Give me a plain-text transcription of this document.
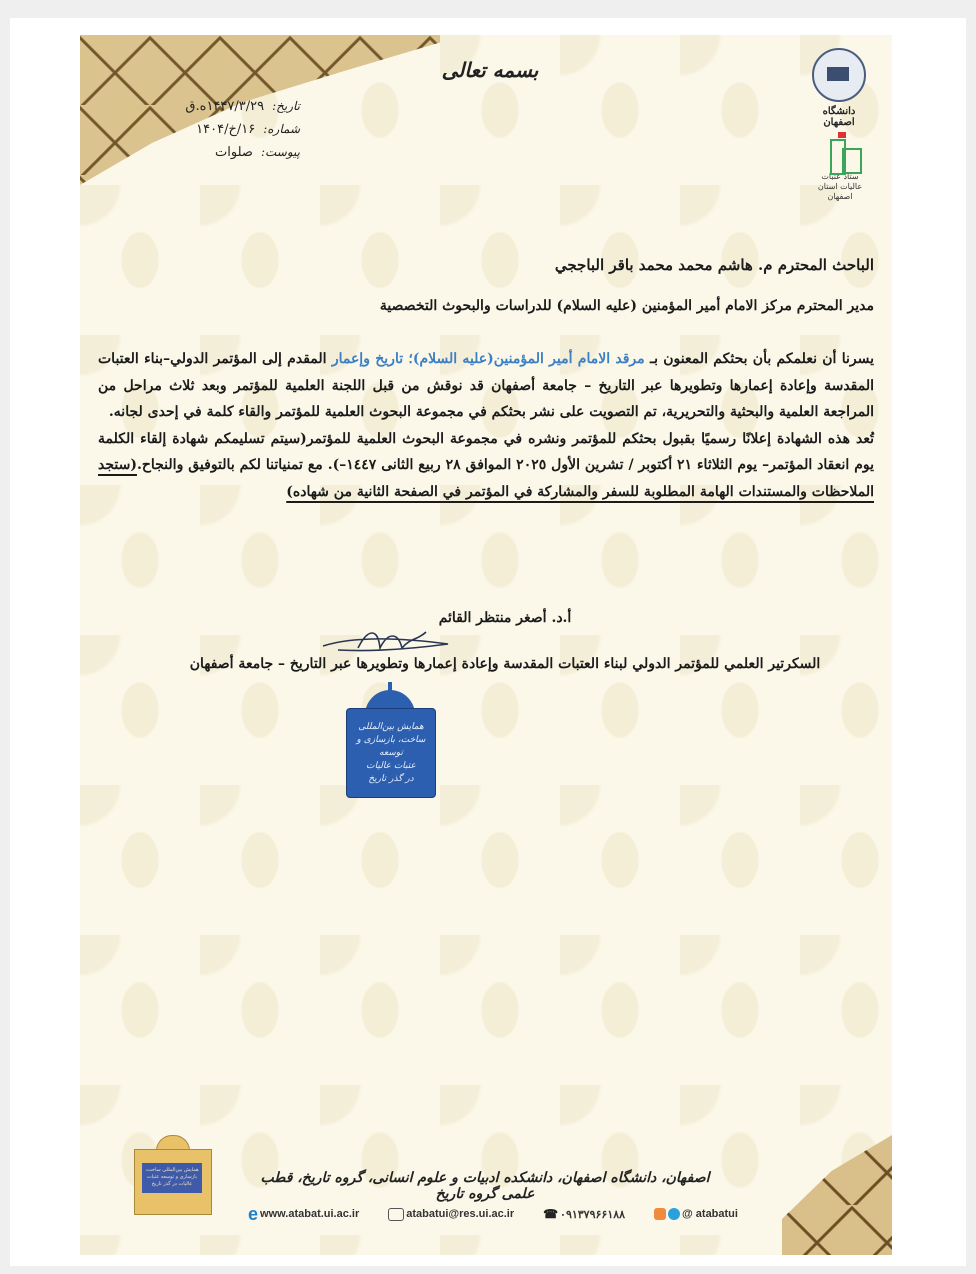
بسمه تعالی
تاریخ:
۱۴۴۷/۳/۲۹ه.ق
شماره:
۱۶/خ/۱۴۰۴
پیوست:
صلوات
دانشگاه اصفهان
ستاد عتبات عالیات استان اصفهان
الباحث المحترم م. هاشم محمد محمد باقر الباججي
مدير المحترم مركز الامام أمير المؤمنين (عليه السلام) للدراسات والبحوث التخصصية
يسرنا أن نعلمكم بأن بحثكم المعنون بـ مرقد الامام أمير المؤمنين(عليه السلام)؛ تاريخ وإعمار المقدم إلى المؤتمر الدولي–بناء العتبات المقدسة وإعادة إعمارها وتطويرها عبر التاريخ – جامعة أصفهان قد نوقش من قبل اللجنة العلمية للمؤتمر وبعد ثلاث مراحل من المراجعة العلمية والبحثية والتحريرية، تم التصويت على نشر بحثكم في مجموعة البحوث العلمية للمؤتمر والقاء كلمة في إحدى لجانه.
تُعد هذه الشهادة إعلانًا رسميًا بقبول بحثكم للمؤتمر ونشره في مجموعة البحوث العلمية للمؤتمر(سيتم تسليمكم شهادة إلقاء الكلمة يوم انعقاد المؤتمر– يوم الثلاثاء ٢١ أكتوبر / تشرين الأول ٢٠٢٥ الموافق ٢٨ ربيع الثانى ١٤٤٧–). مع تمنياتنا لكم بالتوفيق والنجاح.(ستجد الملاحظات والمستندات الهامة المطلوبة للسفر والمشاركة في المؤتمر في الصفحة الثانية من شهاده)
أ.د. أصغر منتظر القائم
السكرتير العلمي للمؤتمر الدولي لبناء العتبات المقدسة وإعادة إعمارها وتطويرها عبر التاريخ – جامعة أصفهان
همایش بین‌المللی
ساخت، بازسازی و توسعه
عتبات عالیات
در گذر تاریخ
همایش بین‌المللی ساخت، بازسازی و توسعه عتبات عالیات در گذر تاریخ	اصفهان، دانشگاه اصفهان، دانشکده ادبیات و علوم انسانی، گروه تاریخ، قطب علمی گروه تاریخ
e www.atabat.ui.ac.ir	atabatui@res.ui.ac.ir ☎ ۰۹۱۳۷۹۶۶۱۸۸	@ atabatui
